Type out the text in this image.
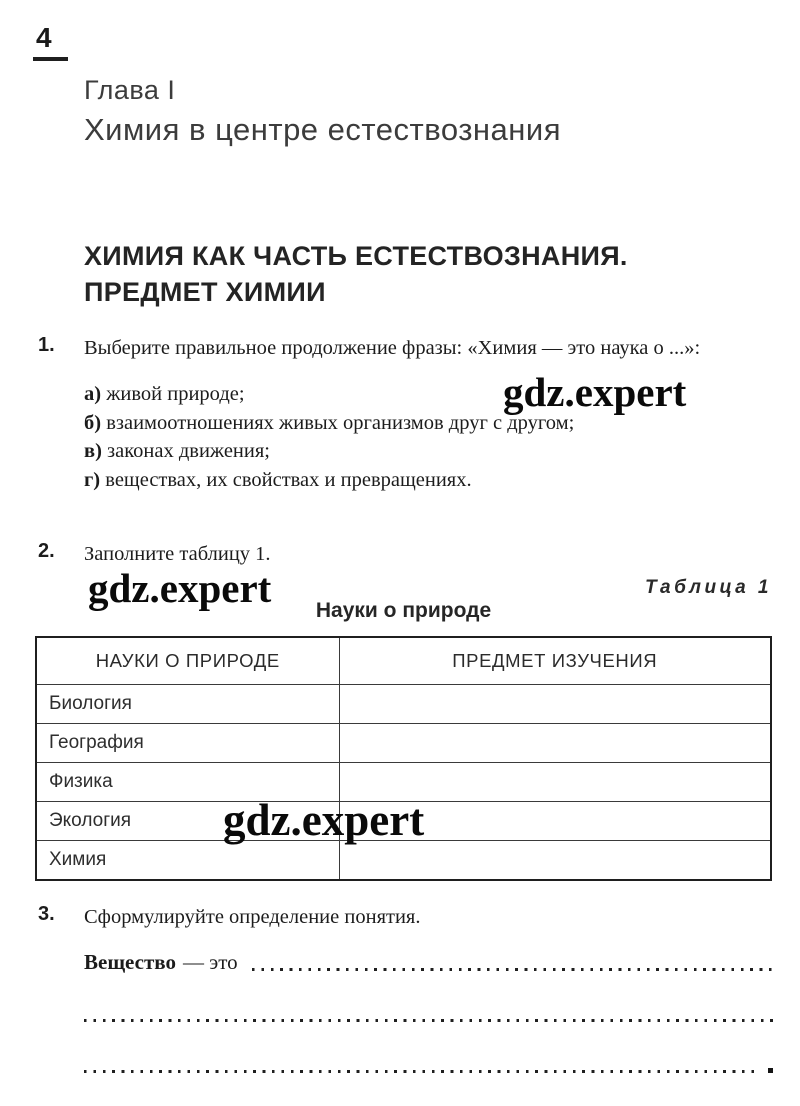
4
Глава I
Химия в центре естествознания
ХИМИЯ КАК ЧАСТЬ ЕСТЕСТВОЗНАНИЯ.
ПРЕДМЕТ ХИМИИ
1. Выберите правильное продолжение фразы: «Химия — это наука о ...»:
а) живой природе;
б) взаимоотношениях живых организмов друг с другом;
в) законах движения;
г) веществах, их свойствах и превращениях.
2. Заполните таблицу 1.
Таблица 1
Науки о природе
НАУКИ О ПРИРОДЕ	ПРЕДМЕТ ИЗУЧЕНИЯ
Биология	
География	
Физика	
Экология	
Химия	
3. Сформулируйте определение понятия.
Вещество — это
gdz.expert
gdz.expert
gdz.expert
